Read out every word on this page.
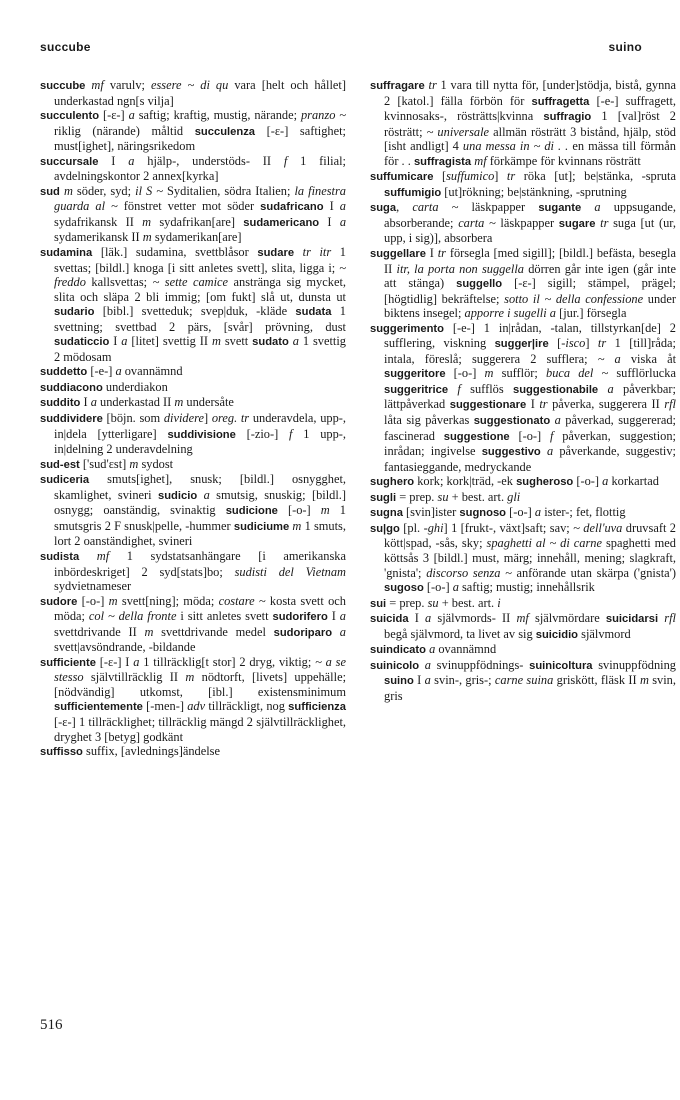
succube	suino

succube mf varulv; essere ~ di qu vara [helt och hållet] underkastad ngn[s vilja]

succulento [-ε-] a saftig; kraftig, mustig, närande; pranzo ~ riklig (närande) måltid succulenza [-ε-] saftighet; must[ighet], näringsrikedom

succursale I a hjälp-, understöds- II f 1 filial; avdelningskontor 2 annex[kyrka]

sud m söder, syd; il S ~ Syditalien, södra Italien; la finestra guarda al ~ fönstret vetter mot söder sudafricano I a sydafrikansk II m sydafrikan[are] sudamericano I a sydamerikansk II m sydamerikan[are]

sudamina [läk.] sudamina, svettblåsor sudare tr itr 1 svettas; [bildl.] knoga [i sitt anletes svett], slita, ligga i; ~ freddo kallsvettas; ~ sette camice anstränga sig mycket, slita och släpa 2 bli immig; [om fukt] slå ut, dunsta ut sudario [bibl.] svetteduk; svep|duk, -kläde sudata 1 svettning; svettbad 2 pärs, [svår] prövning, dust sudaticcio I a [litet] svettig II m svett sudato a 1 svettig 2 mödosam

suddetto [-e-] a ovannämnd

suddiacono underdiakon

suddito I a underkastad II m undersåte

suddividere [böjn. som dividere] oreg. tr underavdela, upp-, in|dela [ytterligare] suddivisione [-zio-] f 1 upp-, in|delning 2 underavdelning

sud-est ['sud'εst] m sydost

sudiceria smuts[ighet], snusk; [bildl.] osnygghet, skamlighet, svineri sudicio a smutsig, snuskig; [bildl.] osnygg; oanständig, svinaktig sudicione [-o-] m 1 smutsgris 2 F snusk|pelle, -hummer sudiciume m 1 smuts, lort 2 oanständighet, svineri

sudista mf 1 sydstatsanhängare [i amerikanska inbördeskriget] 2 syd[stats]bo; sudisti del Vietnam sydvietnameser

sudore [-o-] m svett[ning]; möda; costare ~ kosta svett och möda; col ~ della fronte i sitt anletes svett sudorifero I a svettdrivande II m svettdrivande medel sudoriparo a svett|avsöndrande, -bildande

sufficiente [-ε-] I a 1 tillräcklig[t stor] 2 dryg, viktig; ~ a se stesso självtillräcklig II m nödtorft, [livets] uppehälle; [nödvändig] utkomst, [ibl.] existensminimum sufficientemente [-men-] adv tillräckligt, nog sufficienza [-ε-] 1 tillräcklighet; tillräcklig mängd 2 självtillräcklighet, dryghet 3 [betyg] godkänt

suffisso suffix, [avlednings]ändelse

suffragare tr 1 vara till nytta för, [under]stödja, bistå, gynna 2 [katol.] fälla förbön för suffragetta [-e-] suffragett, kvinnosaks-, rösträtts|kvinna suffragio 1 [val]röst 2 rösträtt; ~ universale allmän rösträtt 3 bistånd, hjälp, stöd [isht andligt] 4 una messa in ~ di . . en mässa till förmån för . . suffragista mf förkämpe för kvinnans rösträtt

suffumicare [suffumico] tr röka [ut]; be|stänka, -spruta suffumigio [ut]rökning; be|stänkning, -sprutning

suga, carta ~ läskpapper sugante a uppsugande, absorberande; carta ~ läskpapper sugare tr suga [ut (ur, upp, i sig)], absorbera

suggellare I tr försegla [med sigill]; [bildl.] befästa, besegla II itr, la porta non suggella dörren går inte igen (går inte att stänga) suggello [-ε-] sigill; stämpel, prägel; [högtidlig] bekräftelse; sotto il ~ della confessione under biktens insegel; apporre i sugelli a [jur.] försegla

suggerimento [-e-] 1 in|rådan, -talan, tillstyrkan[de] 2 sufflering, viskning sugger|ire [-isco] tr 1 [till]råda; intala, föreslå; suggerera 2 sufflera; ~ a viska åt suggeritore [-o-] m sufflör; buca del ~ sufflörlucka suggeritrice f sufflös suggestionabile a påverkbar; lättpåverkad suggestionare I tr påverka, suggerera II rfl låta sig påverkas suggestionato a påverkad, suggererad; fascinerad suggestione [-o-] f påverkan, suggestion; inrådan; ingivelse suggestivo a påverkande, suggestiv; fantasieggande, medryckande

sughero kork; kork|träd, -ek sugheroso [-o-] a korkartad

sugli = prep. su + best. art. gli

sugna [svin]ister sugnoso [-o-] a ister-; fet, flottig

su|go [pl. -ghi] 1 [frukt-, växt]saft; sav; ~ dell'uva druvsaft 2 kött|spad, -sås, sky; spaghetti al ~ di carne spaghetti med köttsås 3 [bildl.] must, märg; innehåll, mening; slagkraft, 'gnista'; discorso senza ~ anförande utan skärpa ('gnista') sugoso [-o-] a saftig; mustig; innehållsrik

sui = prep. su + best. art. i

suicida I a självmords- II mf självmördare suicidarsi rfl begå självmord, ta livet av sig suicidio självmord

suindicato a ovannämnd

suinicolo a svinuppfödnings- suinicoltura svinuppfödning suino I a svin-, gris-; carne suina griskött, fläsk II m svin, gris

516
